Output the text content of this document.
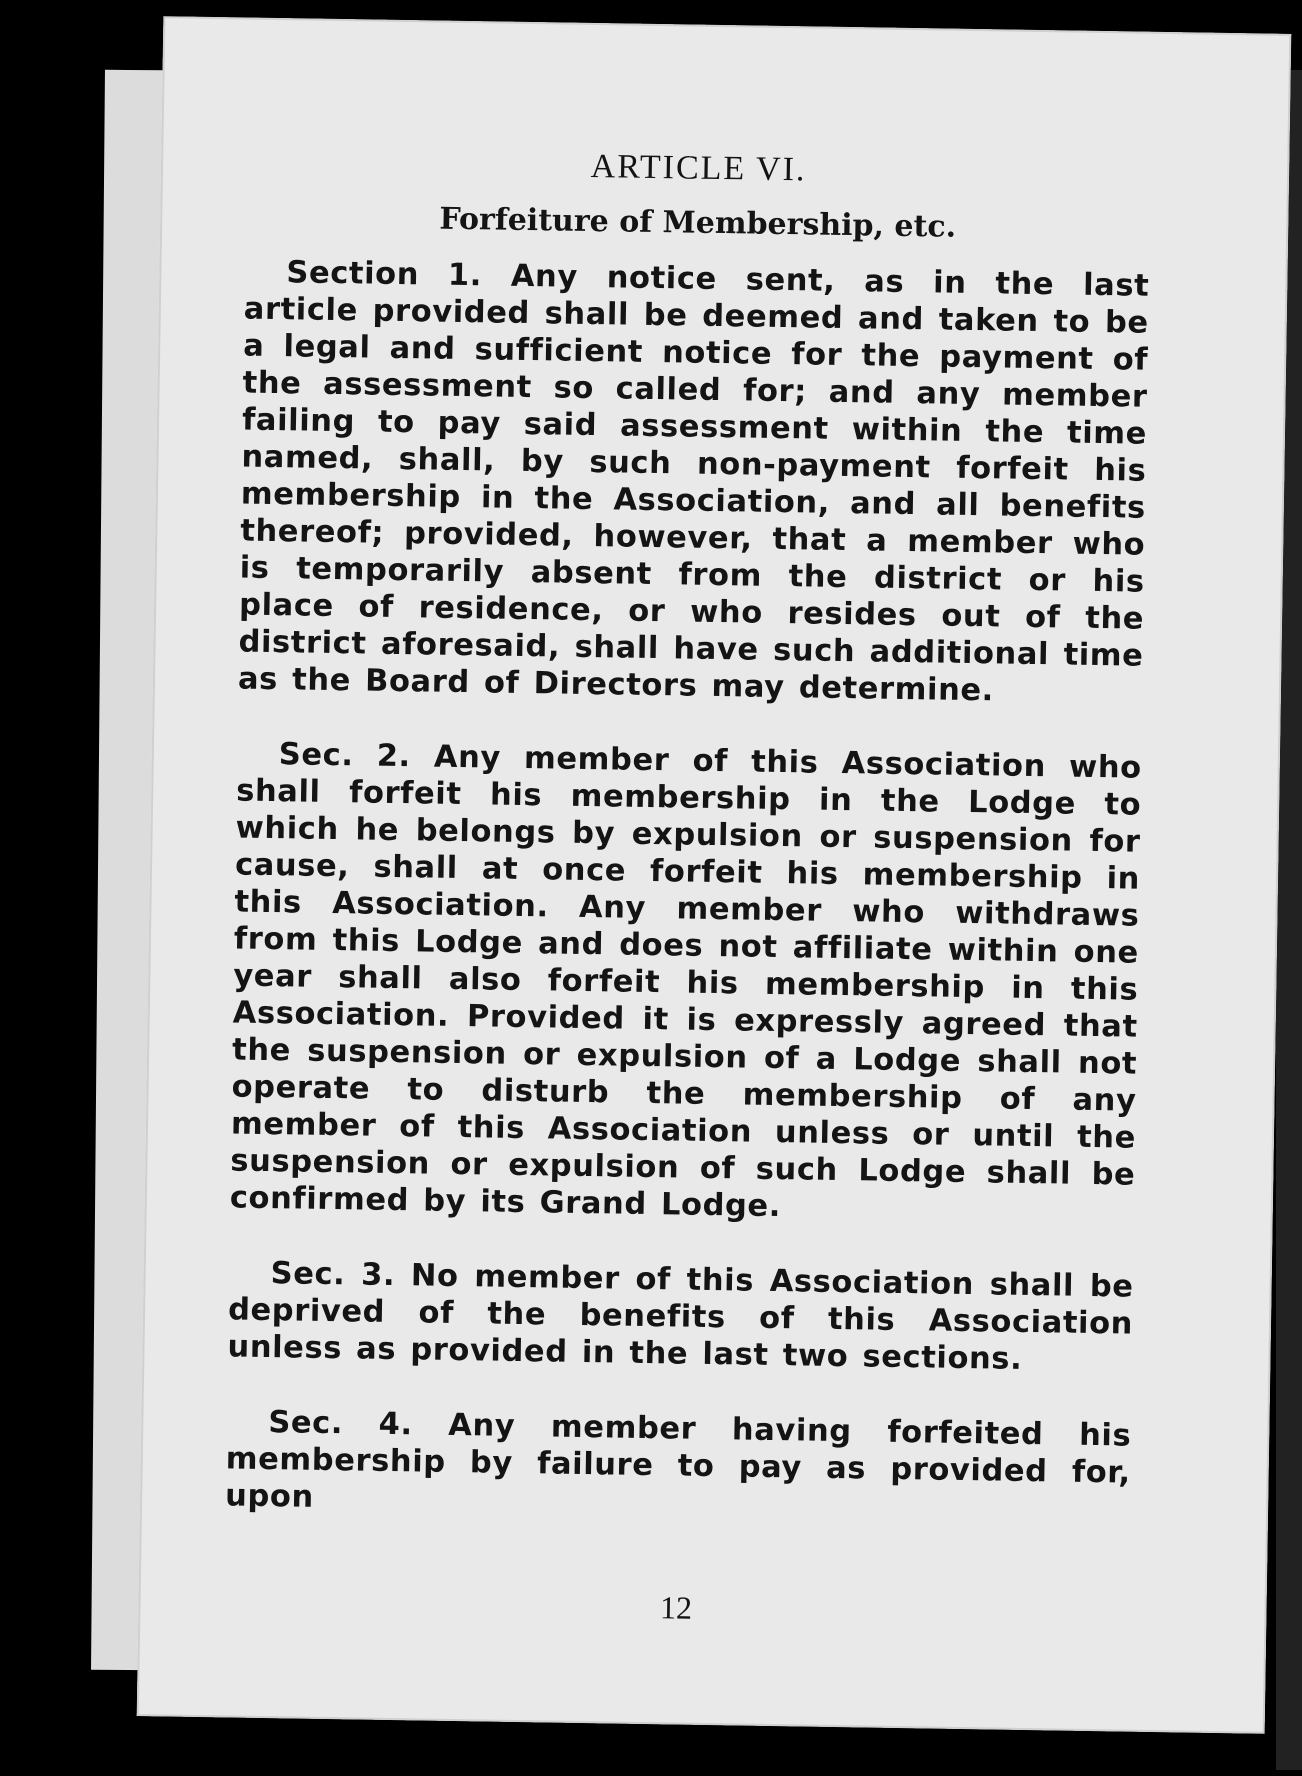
ARTICLE VI.
Forfeiture of Membership, etc.

Section 1. Any notice sent, as in the last article provided shall be deemed and taken to be a legal and sufficient notice for the payment of the assessment so called for; and any member failing to pay said assessment within the time named, shall, by such non-payment forfeit his membership in the Association, and all benefits thereof; provided, however, that a member who is temporarily absent from the district or his place of residence, or who resides out of the district aforesaid, shall have such additional time as the Board of Directors may determine.

Sec. 2. Any member of this Association who shall forfeit his membership in the Lodge to which he belongs by expulsion or suspension for cause, shall at once forfeit his membership in this Association. Any member who withdraws from this Lodge and does not affiliate within one year shall also forfeit his membership in this Association. Provided it is expressly agreed that the suspension or expulsion of a Lodge shall not operate to disturb the membership of any member of this Association unless or until the suspension or expulsion of such Lodge shall be confirmed by its Grand Lodge.

Sec. 3. No member of this Association shall be deprived of the benefits of this Association unless as provided in the last two sections.

Sec. 4. Any member having forfeited his membership by failure to pay as provided for, upon

12
